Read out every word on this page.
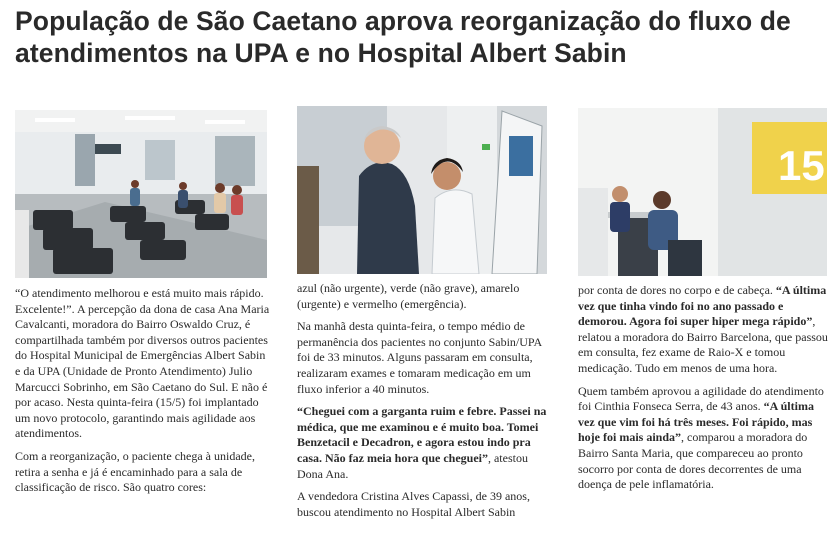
População de São Caetano aprova reorganização do fluxo de atendimentos na UPA e no Hospital Albert Sabin
15

“O atendimento melhorou e está muito mais rápido. Excelente!”. A percepção da dona de casa Ana Maria Cavalcanti, moradora do Bairro Oswaldo Cruz, é compartilhada também por diversos outros pacientes do Hospital Municipal de Emergências Albert Sabin e da UPA (Unidade de Pronto Atendimento) Julio Marcucci Sobrinho, em São Caetano do Sul. E não é por acaso. Nesta quinta-feira (15/5) foi implantado um novo protocolo, garantindo mais agilidade aos atendimentos.

Com a reorganização, o paciente chega à unidade, retira a senha e já é encaminhado para a sala de classificação de risco. São quatro cores:

azul (não urgente), verde (não grave), amarelo (urgente) e vermelho (emergência).

Na manhã desta quinta-feira, o tempo médio de permanência dos pacientes no conjunto Sabin/UPA foi de 33 minutos. Alguns passaram em consulta, realizaram exames e tomaram medicação em um fluxo inferior a 40 minutos.

“Cheguei com a garganta ruim e febre. Passei na médica, que me examinou e é muito boa. Tomei Benzetacil e Decadron, e agora estou indo pra casa. Não faz meia hora que cheguei”, atestou Dona Ana.

A vendedora Cristina Alves Capassi, de 39 anos, buscou atendimento no Hospital Albert Sabin

por conta de dores no corpo e de cabeça. “A última vez que tinha vindo foi no ano passado e demorou. Agora foi super hiper mega rápido”, relatou a moradora do Bairro Barcelona, que passou em consulta, fez exame de Raio-X e tomou medicação. Tudo em menos de uma hora.

Quem também aprovou a agilidade do atendimento foi Cinthia Fonseca Serra, de 43 anos. “A última vez que vim foi há três meses. Foi rápido, mas hoje foi mais ainda”, comparou a moradora do Bairro Santa Maria, que compareceu ao pronto socorro por conta de dores decorrentes de uma doença de pele inflamatória.
